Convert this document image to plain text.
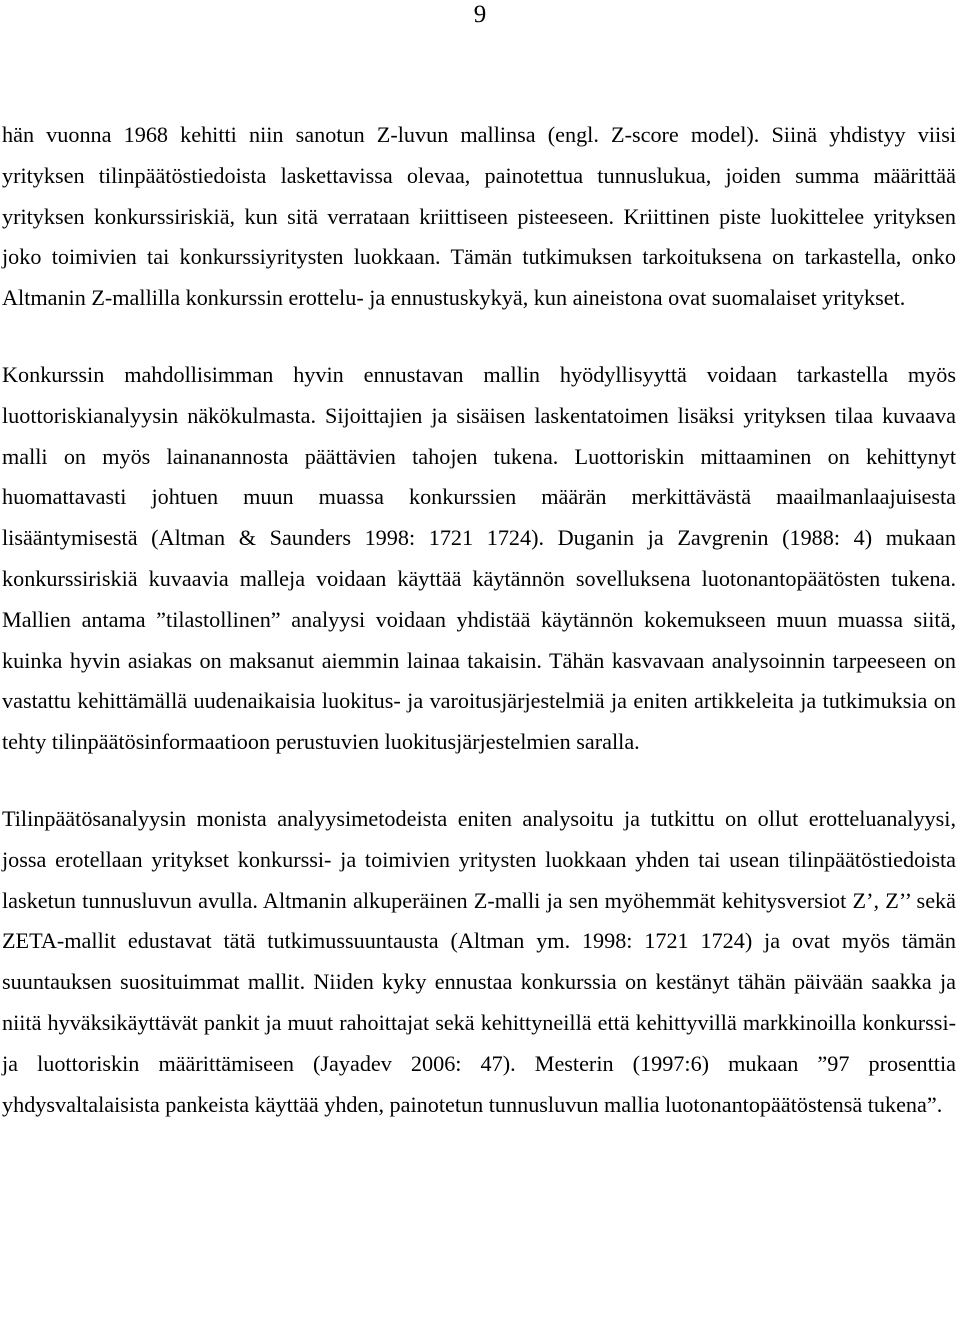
9

hän vuonna 1968 kehitti niin sanotun Z-luvun mallinsa (engl. Z-score model). Siinä yhdistyy viisi yrityksen tilinpäätöstiedoista laskettavissa olevaa, painotettua tunnuslukua, joiden summa määrittää yrityksen konkurssiriskiä, kun sitä verrataan kriittiseen pisteeseen. Kriittinen piste luokittelee yrityksen joko toimivien tai konkurssiyritysten luokkaan. Tämän tutkimuksen tarkoituksena on tarkastella, onko Altmanin Z-mallilla konkurssin erottelu- ja ennustuskykyä, kun aineistona ovat suomalaiset yritykset.

Konkurssin mahdollisimman hyvin ennustavan mallin hyödyllisyyttä voidaan tarkastella myös luottoriskianalyysin näkökulmasta. Sijoittajien ja sisäisen laskentatoimen lisäksi yrityksen tilaa kuvaava malli on myös lainanannosta päättävien tahojen tukena. Luottoriskin mittaaminen on kehittynyt huomattavasti johtuen muun muassa konkurssien määrän merkittävästä maailmanlaajuisesta lisääntymisestä (Altman & Saunders 1998: 1721 1724). Duganin ja Zavgrenin (1988: 4) mukaan konkurssiriskiä kuvaavia malleja voidaan käyttää käytännön sovelluksena luotonantopäätösten tukena. Mallien antama ”tilastollinen” analyysi voidaan yhdistää käytännön kokemukseen muun muassa siitä, kuinka hyvin asiakas on maksanut aiemmin lainaa takaisin. Tähän kasvavaan analysoinnin tarpeeseen on vastattu kehittämällä uudenaikaisia luokitus- ja varoitusjärjestelmiä ja eniten artikkeleita ja tutkimuksia on tehty tilinpäätösinformaatioon perustuvien luokitusjärjestelmien saralla.

Tilinpäätösanalyysin monista analyysimetodeista eniten analysoitu ja tutkittu on ollut erotteluanalyysi, jossa erotellaan yritykset konkurssi- ja toimivien yritysten luokkaan yhden tai usean tilinpäätöstiedoista lasketun tunnusluvun avulla. Altmanin alkuperäinen Z-malli ja sen myöhemmät kehitysversiot Z’, Z’’ sekä ZETA-mallit edustavat tätä tutkimussuuntausta (Altman ym. 1998: 1721 1724) ja ovat myös tämän suuntauksen suosituimmat mallit. Niiden kyky ennustaa konkurssia on kestänyt tähän päivään saakka ja niitä hyväksikäyttävät pankit ja muut rahoittajat sekä kehittyneillä että kehittyvillä markkinoilla konkurssi- ja luottoriskin määrittämiseen (Jayadev 2006: 47). Mesterin (1997:6) mukaan ”97 prosenttia yhdysvaltalaisista pankeista käyttää yhden, painotetun tunnusluvun mallia luotonantopäätöstensä tukena”.
